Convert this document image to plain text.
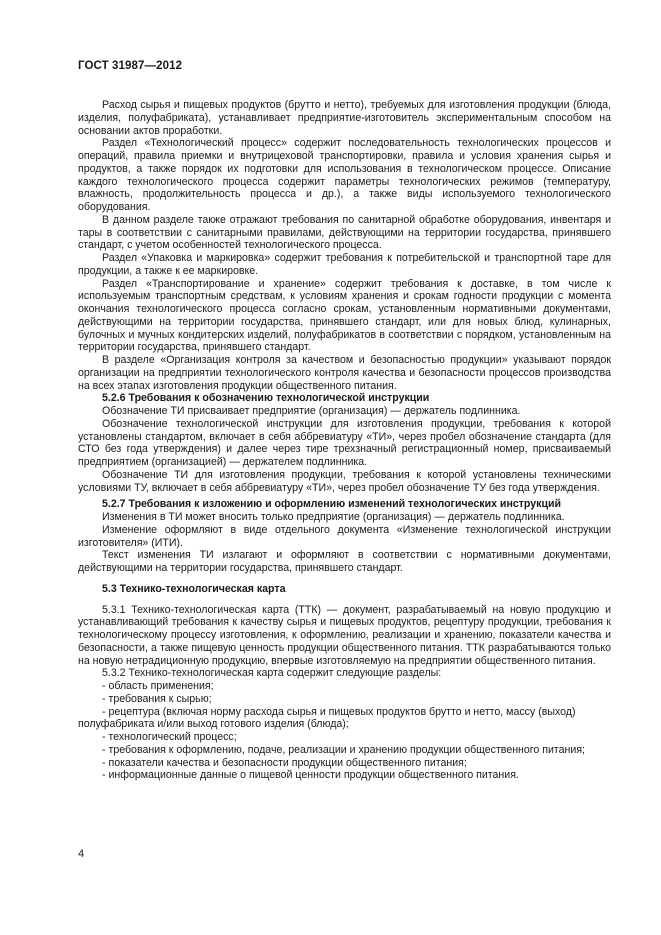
ГОСТ 31987—2012

Расход сырья и пищевых продуктов (брутто и нетто), требуемых для изготовления продукции (блюда, изделия, полуфабриката), устанавливает предприятие-изготовитель экспериментальным способом на основании актов проработки.

Раздел «Технологический процесс» содержит последовательность технологических процессов и операций, правила приемки и внутрицеховой транспортировки, правила и условия хранения сырья и продуктов, а также порядок их подготовки для использования в технологическом процессе. Описание каждого технологического процесса содержит параметры технологических режимов (температуру, влажность, продолжительность процесса и др.), а также виды используемого технологического оборудования.

В данном разделе также отражают требования по санитарной обработке оборудования, инвентаря и тары в соответствии с санитарными правилами, действующими на территории государства, принявшего стандарт, с учетом особенностей технологического процесса.

Раздел «Упаковка и маркировка» содержит требования к потребительской и транспортной таре для продукции, а также к ее маркировке.

Раздел «Транспортирование и хранение» содержит требования к доставке, в том числе к используемым транспортным средствам, к условиям хранения и срокам годности продукции с момента окончания технологического процесса согласно срокам, установленным нормативными документами, действующими на территории государства, принявшего стандарт, или для новых блюд, кулинарных, булочных и мучных кондитерских изделий, полуфабрикатов в соответствии с порядком, установленным на территории государства, принявшего стандарт.

В разделе «Организация контроля за качеством и безопасностью продукции» указывают порядок организации на предприятии технологического контроля качества и безопасности процессов производства на всех этапах изготовления продукции общественного питания.

5.2.6 Требования к обозначению технологической инструкции

Обозначение ТИ присваивает предприятие (организация) — держатель подлинника.

Обозначение технологической инструкции для изготовления продукции, требования к которой установлены стандартом, включает в себя аббревиатуру «ТИ», через пробел обозначение стандарта (для СТО без года утверждения) и далее через тире трехзначный регистрационный номер, присваиваемый предприятием (организацией) — держателем подлинника.

Обозначение ТИ для изготовления продукции, требования к которой установлены техническими условиями ТУ, включает в себя аббревиатуру «ТИ», через пробел обозначение ТУ без года утверждения.

5.2.7 Требования к изложению и оформлению изменений технологических инструкций

Изменения в ТИ может вносить только предприятие (организация) — держатель подлинника.

Изменение оформляют в виде отдельного документа «Изменение технологической инструкции изготовителя» (ИТИ).

Текст изменения ТИ излагают и оформляют в соответствии с нормативными документами, действующими на территории государства, принявшего стандарт.

5.3 Технико-технологическая карта

5.3.1 Технико-технологическая карта (ТТК) — документ, разрабатываемый на новую продукцию и устанавливающий требования к качеству сырья и пищевых продуктов, рецептуру продукции, требования к технологическому процессу изготовления, к оформлению, реализации и хранению, показатели качества и безопасности, а также пищевую ценность продукции общественного питания. ТТК разрабатываются только на новую нетрадиционную продукцию, впервые изготовляемую на предприятии общественного питания.

5.3.2 Технико-технологическая карта содержит следующие разделы:

- область применения;

- требования к сырью;

- рецептура (включая норму расхода сырья и пищевых продуктов брутто и нетто, массу (выход) полуфабриката и/или выход готового изделия (блюда);

- технологический процесс;

- требования к оформлению, подаче, реализации и хранению продукции общественного питания;

- показатели качества и безопасности продукции общественного питания;

- информационные данные о пищевой ценности продукции общественного питания.

4
